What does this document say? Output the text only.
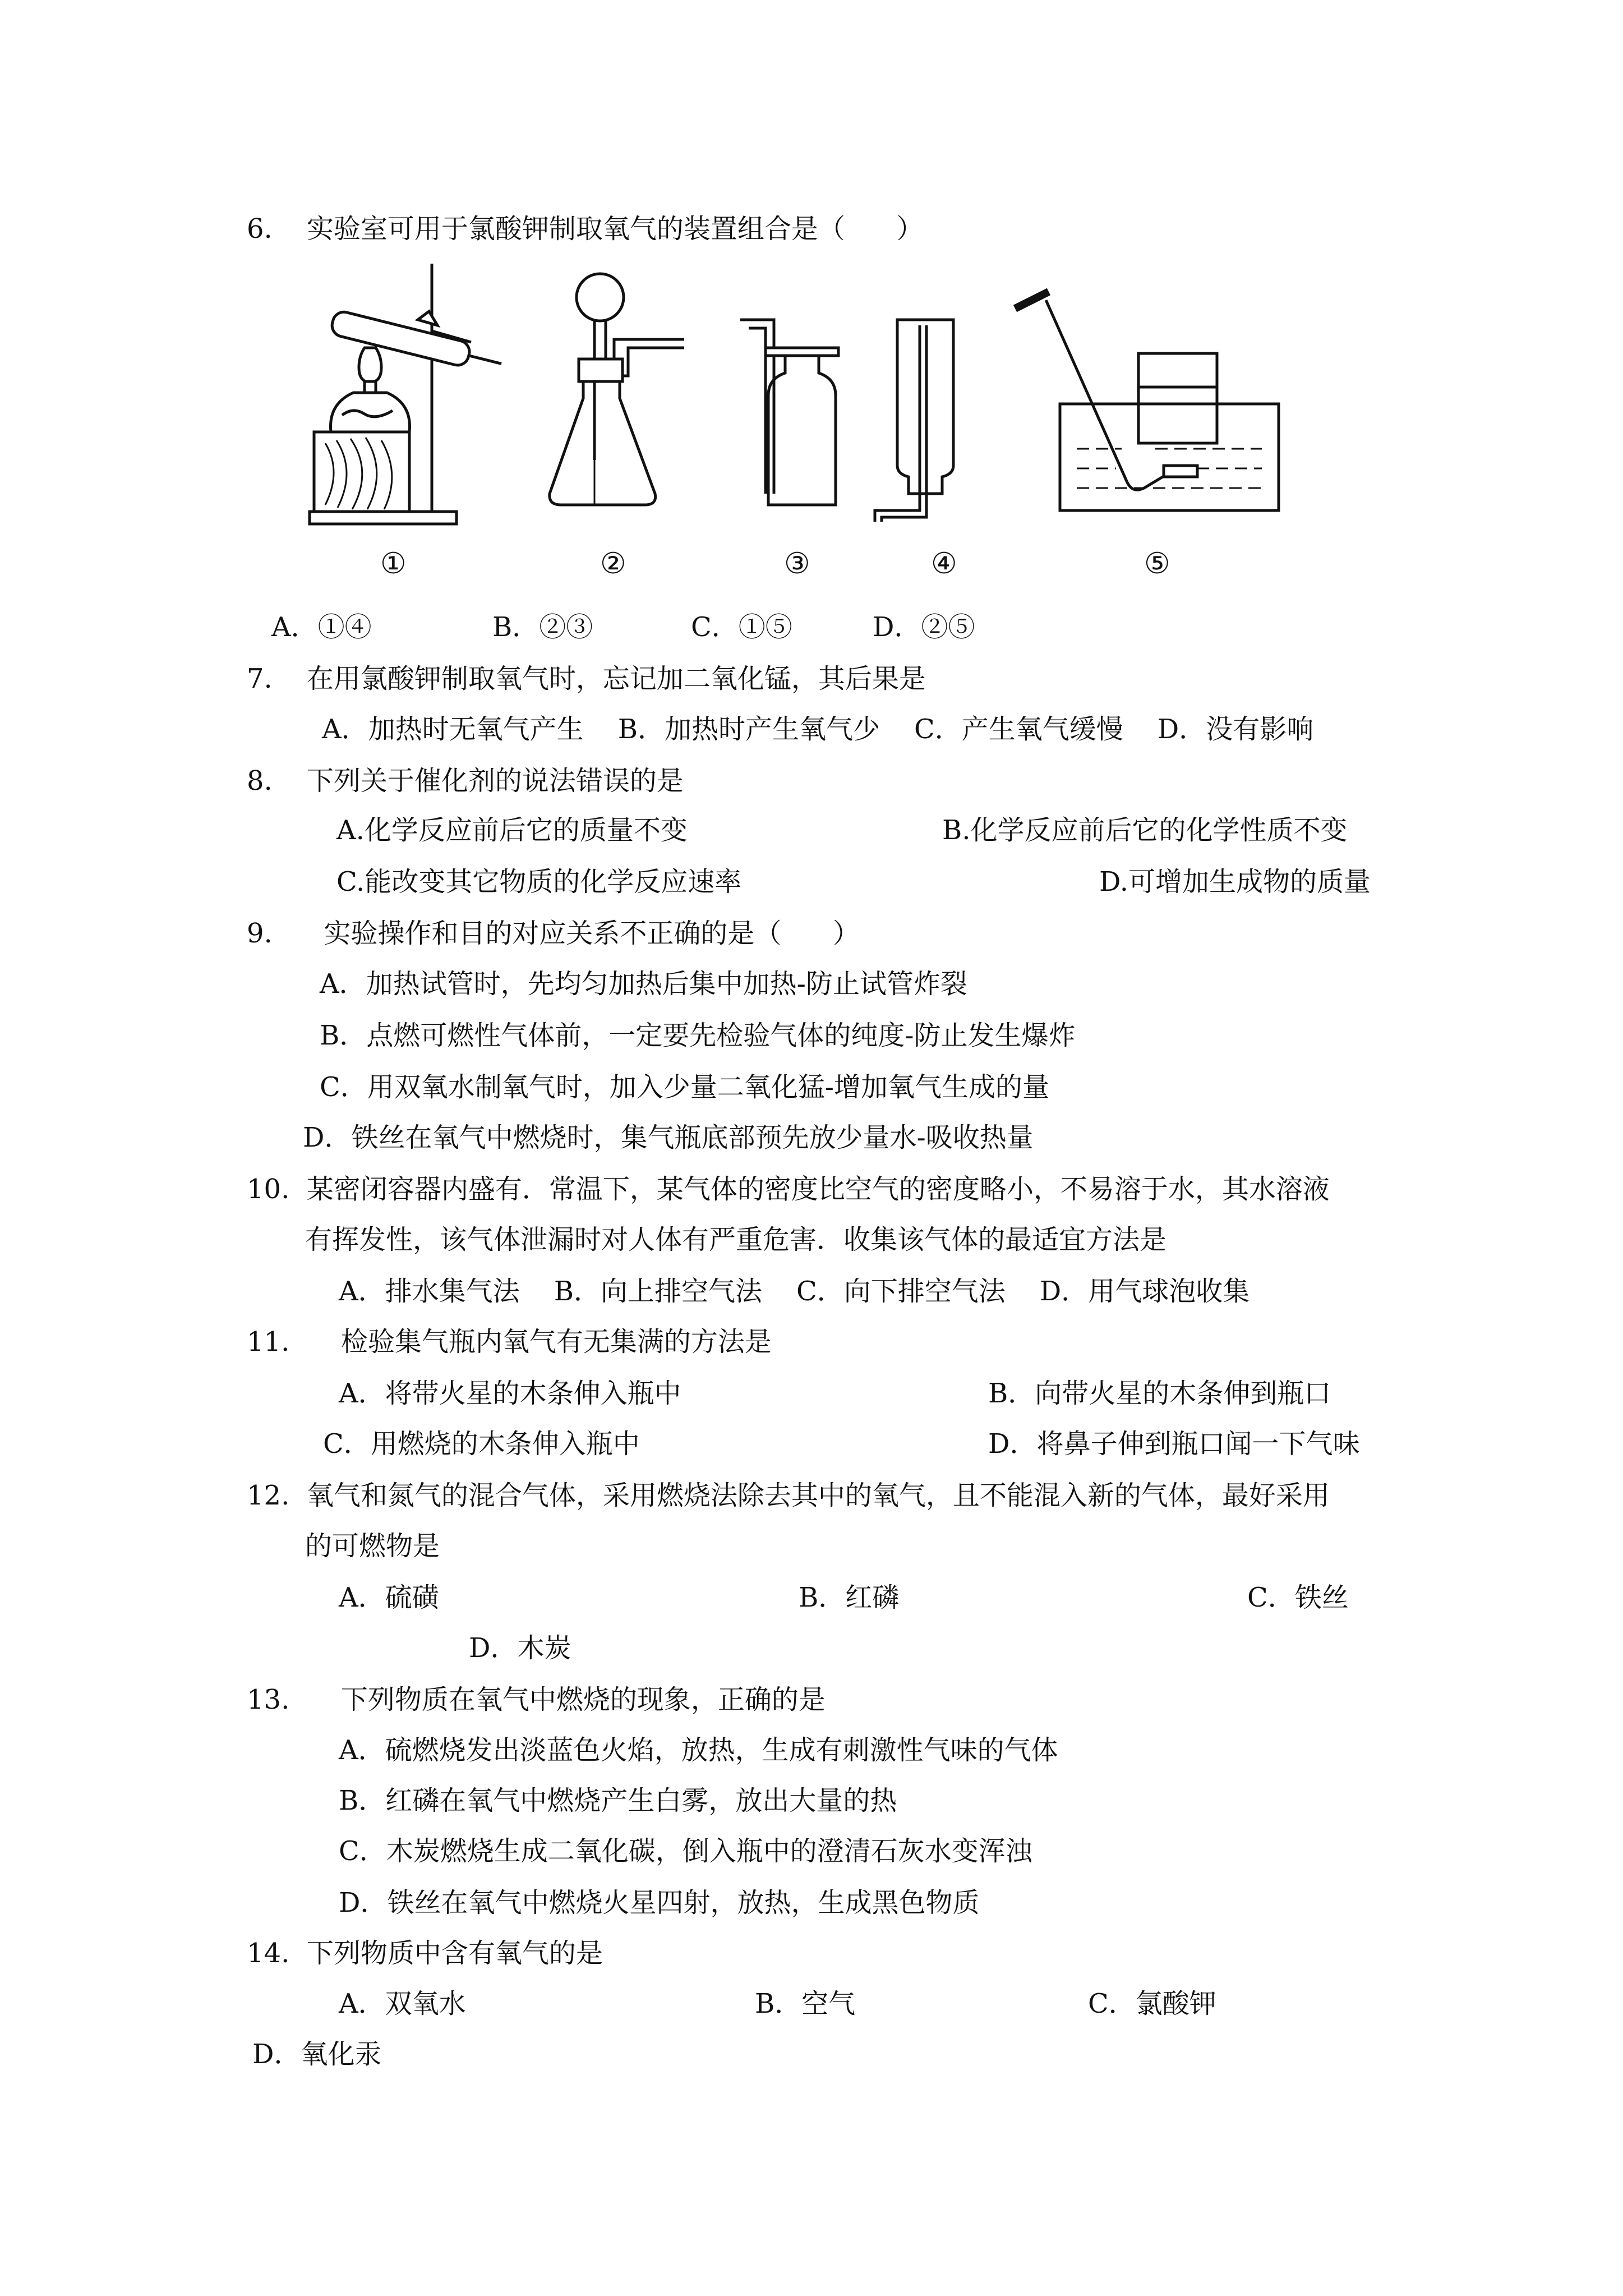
6.    实验室可用于氯酸钾制取氧气的装置组合是（      ）
①	②	③	④	⑤
A．①④	B．②③	C．①⑤	D．②⑤
7.    在用氯酸钾制取氧气时，忘记加二氧化锰，其后果是
A．加热时无氧气产生    B．加热时产生氧气少    C．产生氧气缓慢    D．没有影响
8.    下列关于催化剂的说法错误的是
A.化学反应前后它的质量不变	B.化学反应前后它的化学性质不变
C.能改变其它物质的化学反应速率	D.可增加生成物的质量
9.      实验操作和目的对应关系不正确的是（      ）
A．加热试管时，先均匀加热后集中加热-防止试管炸裂
B．点燃可燃性气体前，一定要先检验气体的纯度-防止发生爆炸
C．用双氧水制氧气时，加入少量二氧化猛-增加氧气生成的量
D．铁丝在氧气中燃烧时，集气瓶底部预先放少量水-吸收热量
10.  某密闭容器内盛有．常温下，某气体的密度比空气的密度略小，不易溶于水，其水溶液
有挥发性，该气体泄漏时对人体有严重危害．收集该气体的最适宜方法是
A．排水集气法    B．向上排空气法    C．向下排空气法    D．用气球泡收集
11.      检验集气瓶内氧气有无集满的方法是
A．将带火星的木条伸入瓶中	B．向带火星的木条伸到瓶口
C．用燃烧的木条伸入瓶中	D．将鼻子伸到瓶口闻一下气味
12.  氧气和氮气的混合气体，采用燃烧法除去其中的氧气，且不能混入新的气体，最好采用
的可燃物是
A．硫磺	B．红磷	C．铁丝
D．木炭
13.      下列物质在氧气中燃烧的现象，正确的是
A．硫燃烧发出淡蓝色火焰，放热，生成有刺激性气味的气体
B．红磷在氧气中燃烧产生白雾，放出大量的热
C．木炭燃烧生成二氧化碳，倒入瓶中的澄清石灰水变浑浊
D．铁丝在氧气中燃烧火星四射，放热，生成黑色物质
14.  下列物质中含有氧气的是
A．双氧水	B．空气	C．氯酸钾
D．氧化汞
